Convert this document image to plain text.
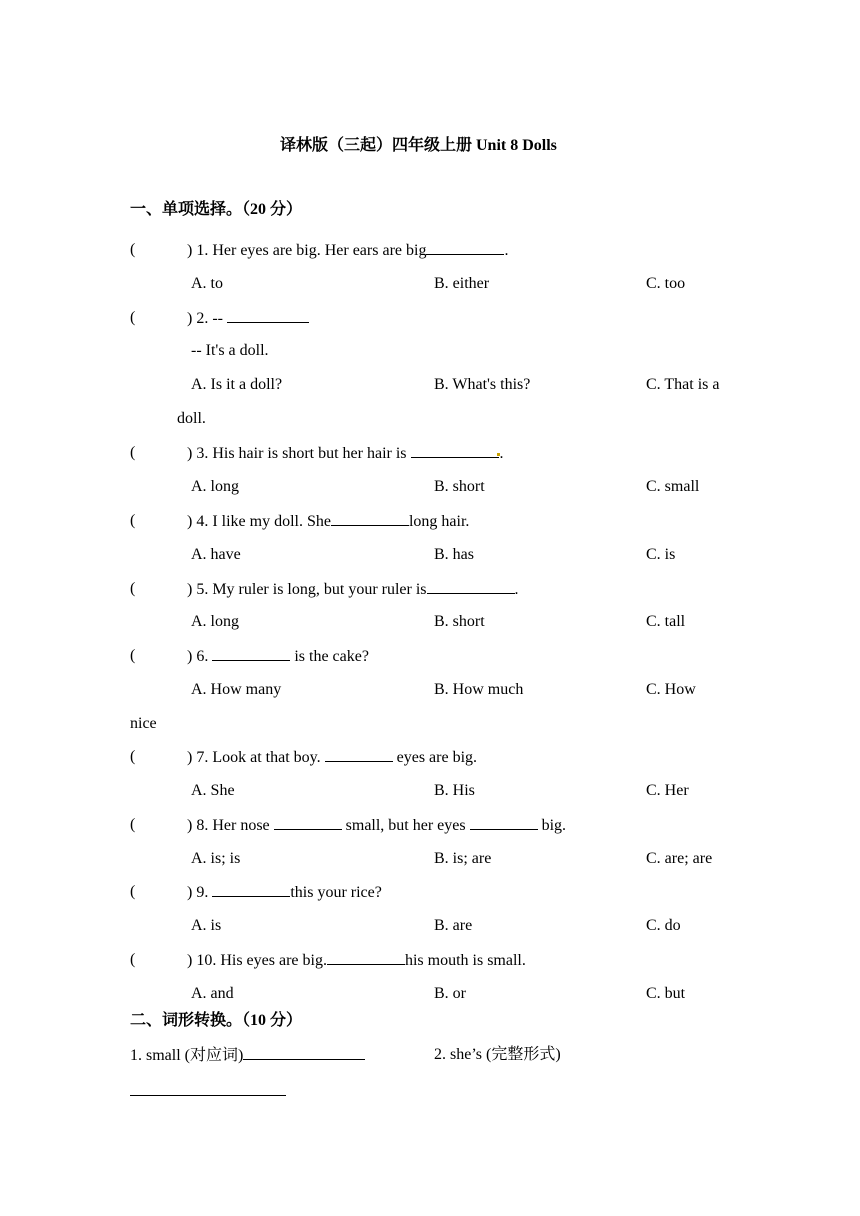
译林版（三起）四年级上册 Unit 8 Dolls
一、单项选择。（20 分）
(	) 1. Her eyes are big. Her ears are big	.
A. to	B. either	C. too
(	) 2. --
-- It's a doll.
A. Is it a doll?	B. What's this?	C. That is a
doll.
(	) 3. His hair is short but her hair is	.
A. long	B. short	C. small
(	) 4. I like my doll. She	long hair.
A. have	B. has	C. is
(	) 5. My ruler is long, but your ruler is	.
A. long	B. short	C. tall
(	) 6.	is the cake?
A. How many	B. How much	C. How
nice
(	) 7. Look at that boy.	eyes are big.
A. She	B. His	C. Her
(	) 8. Her nose	small, but her eyes	big.
A. is; is	B. is; are	C. are; are
(	) 9.	this your rice?
A. is	B. are	C. do
(	) 10. His eyes are big.	his mouth is small.
A. and	B. or	C. but
二、词形转换。（10 分）
1. small (对应词)	2. she’s (完整形式)
